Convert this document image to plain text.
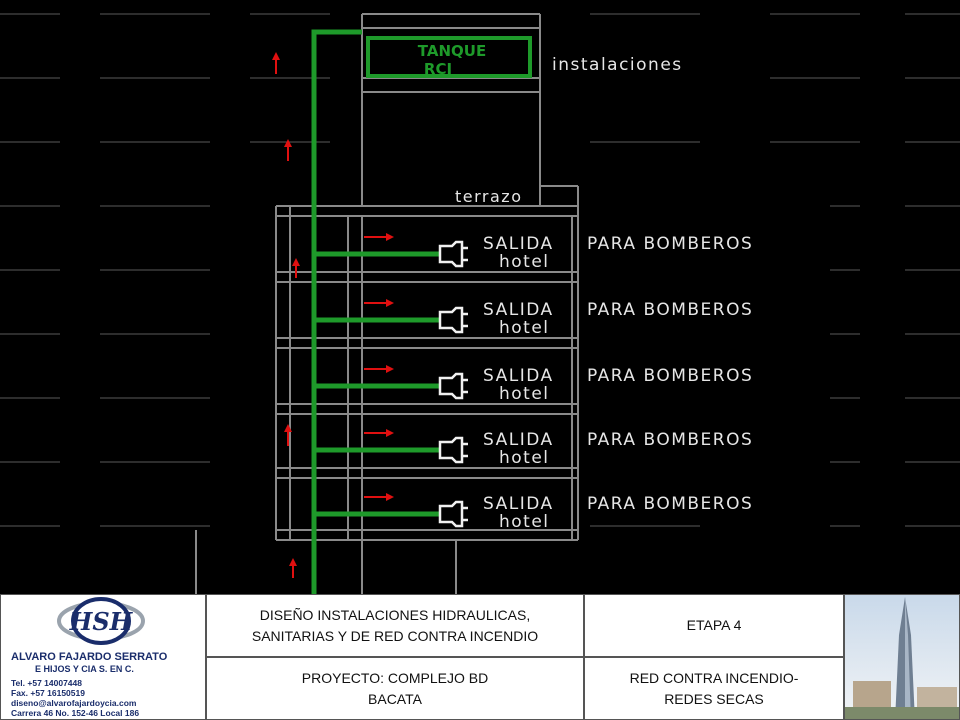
TANQUE
RCI	instalaciones
terrazo
SALIDA PARA BOMBEROS
hotel
SALIDA PARA BOMBEROS
hotel
SALIDA PARA BOMBEROS
hotel
SALIDA PARA BOMBEROS
hotel
SALIDA PARA BOMBEROS
hotel
HSH
ALVARO FAJARDO SERRATO
E HIJOS Y CIA S. EN C.
Tel. +57 14007448
Fax. +57 16150519
diseno@alvarofajardoycia.com
Carrera 46 No. 152-46 Local 186
DISEÑO INSTALACIONES HIDRAULICAS,
SANITARIAS Y DE RED CONTRA INCENDIO
ETAPA 4
PROYECTO: COMPLEJO BD
BACATA
RED CONTRA INCENDIO-
REDES SECAS
